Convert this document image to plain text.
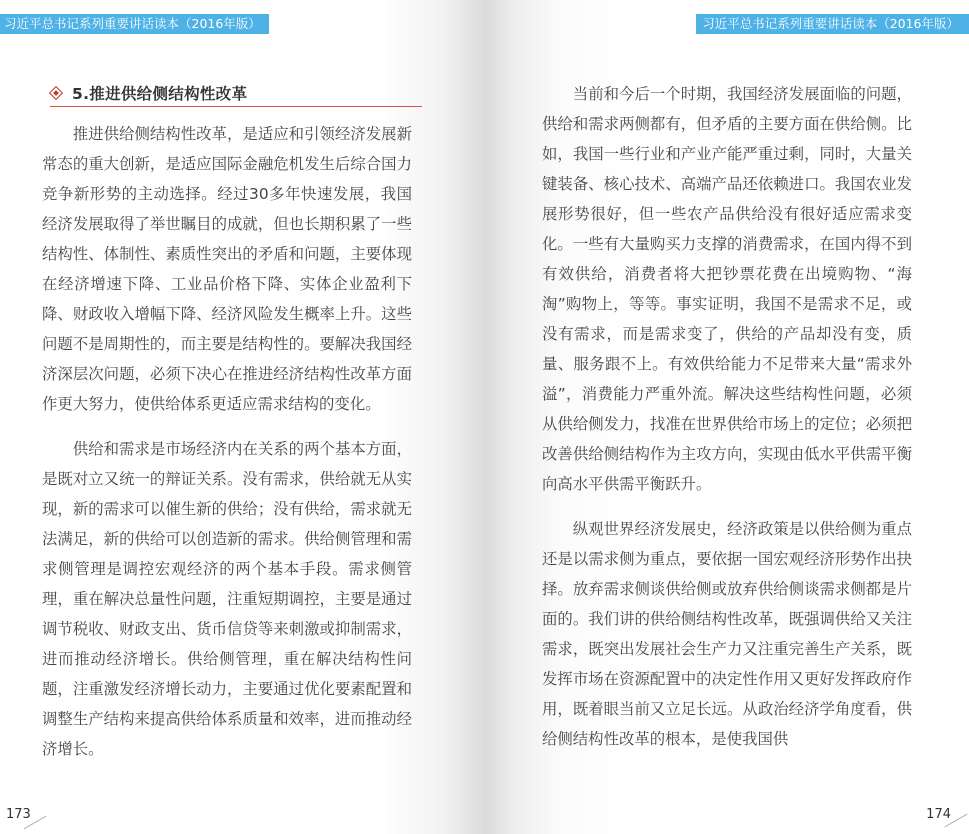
习近平总书记系列重要讲话读本（2016年版）
5.推进供给侧结构性改革

推进供给侧结构性改革，是适应和引领经济发展新常态的重大创新，是适应国际金融危机发生后综合国力竞争新形势的主动选择。经过30多年快速发展，我国经济发展取得了举世瞩目的成就，但也长期积累了一些结构性、体制性、素质性突出的矛盾和问题，主要体现在经济增速下降、工业品价格下降、实体企业盈利下降、财政收入增幅下降、经济风险发生概率上升。这些问题不是周期性的，而主要是结构性的。要解决我国经济深层次问题，必须下决心在推进经济结构性改革方面作更大努力，使供给体系更适应需求结构的变化。

供给和需求是市场经济内在关系的两个基本方面，是既对立又统一的辩证关系。没有需求，供给就无从实现，新的需求可以催生新的供给；没有供给，需求就无法满足，新的供给可以创造新的需求。供给侧管理和需求侧管理是调控宏观经济的两个基本手段。需求侧管理，重在解决总量性问题，注重短期调控，主要是通过调节税收、财政支出、货币信贷等来刺激或抑制需求，进而推动经济增长。供给侧管理，重在解决结构性问题，注重激发经济增长动力，主要通过优化要素配置和调整生产结构来提高供给体系质量和效率，进而推动经济增长。

173
习近平总书记系列重要讲话读本（2016年版）

当前和今后一个时期，我国经济发展面临的问题，供给和需求两侧都有，但矛盾的主要方面在供给侧。比如，我国一些行业和产业产能严重过剩，同时，大量关键装备、核心技术、高端产品还依赖进口。我国农业发展形势很好，但一些农产品供给没有很好适应需求变化。一些有大量购买力支撑的消费需求，在国内得不到有效供给，消费者将大把钞票花费在出境购物、“海淘”购物上，等等。事实证明，我国不是需求不足，或没有需求，而是需求变了，供给的产品却没有变，质量、服务跟不上。有效供给能力不足带来大量“需求外溢”，消费能力严重外流。解决这些结构性问题，必须从供给侧发力，找准在世界供给市场上的定位；必须把改善供给侧结构作为主攻方向，实现由低水平供需平衡向高水平供需平衡跃升。

纵观世界经济发展史，经济政策是以供给侧为重点还是以需求侧为重点，要依据一国宏观经济形势作出抉择。放弃需求侧谈供给侧或放弃供给侧谈需求侧都是片面的。我们讲的供给侧结构性改革，既强调供给又关注需求，既突出发展社会生产力又注重完善生产关系，既发挥市场在资源配置中的决定性作用又更好发挥政府作用，既着眼当前又立足长远。从政治经济学角度看，供给侧结构性改革的根本，是使我国供

174
